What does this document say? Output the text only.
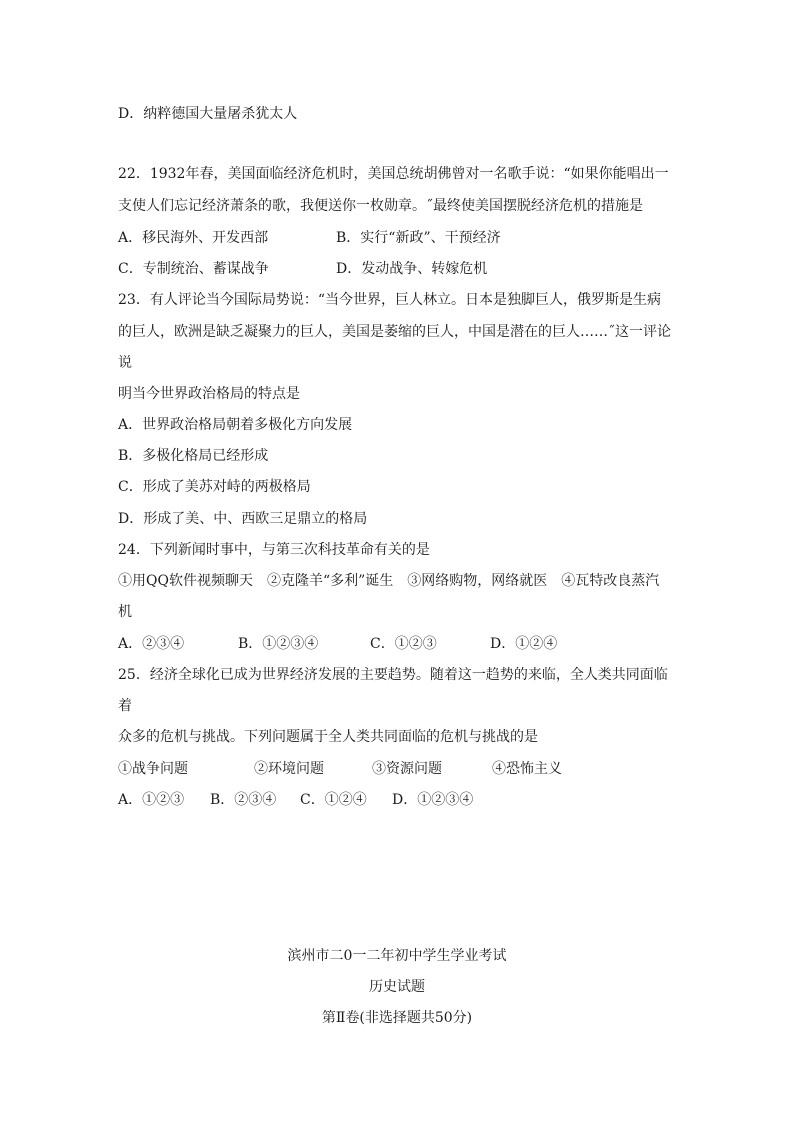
D．纳粹德国大量屠杀犹太人
22．1932年春，美国面临经济危机时，美国总统胡佛曾对一名歌手说：“如果你能唱出一
支使人们忘记经济萧条的歌，我便送你一枚勋章。˝最终使美国摆脱经济危机的措施是
A．移民海外、开发西部	B．实行“新政”、干预经济
C．专制统治、蓄谋战争	D．发动战争、转嫁危机
23．有人评论当今国际局势说：“当今世界，巨人林立。日本是独脚巨人，俄罗斯是生病
的巨人，欧洲是缺乏凝聚力的巨人，美国是萎缩的巨人，中国是潜在的巨人……˝这一评论
说
明当今世界政治格局的特点是
A．世界政治格局朝着多极化方向发展
B．多极化格局已经形成
C．形成了美苏对峙的两极格局
D．形成了美、中、西欧三足鼎立的格局
24．下列新闻时事中，与第三次科技革命有关的是
①用QQ软件视频聊天　②克隆羊“多利”诞生　③网络购物，网络就医　④瓦特改良蒸汽
机
A．②③④	B．①②③④	C．①②③	D．①②④
25．经济全球化已成为世界经济发展的主要趋势。随着这一趋势的来临，全人类共同面临
着
众多的危机与挑战。下列问题属于全人类共同面临的危机与挑战的是
①战争问题	②环境问题	③资源问题	④恐怖主义
A．①②③ B．②③④ C．①②④ D．①②③④
滨州市二0一二年初中学生学业考试
历史试题
第Ⅱ卷(非选择题共50分)
